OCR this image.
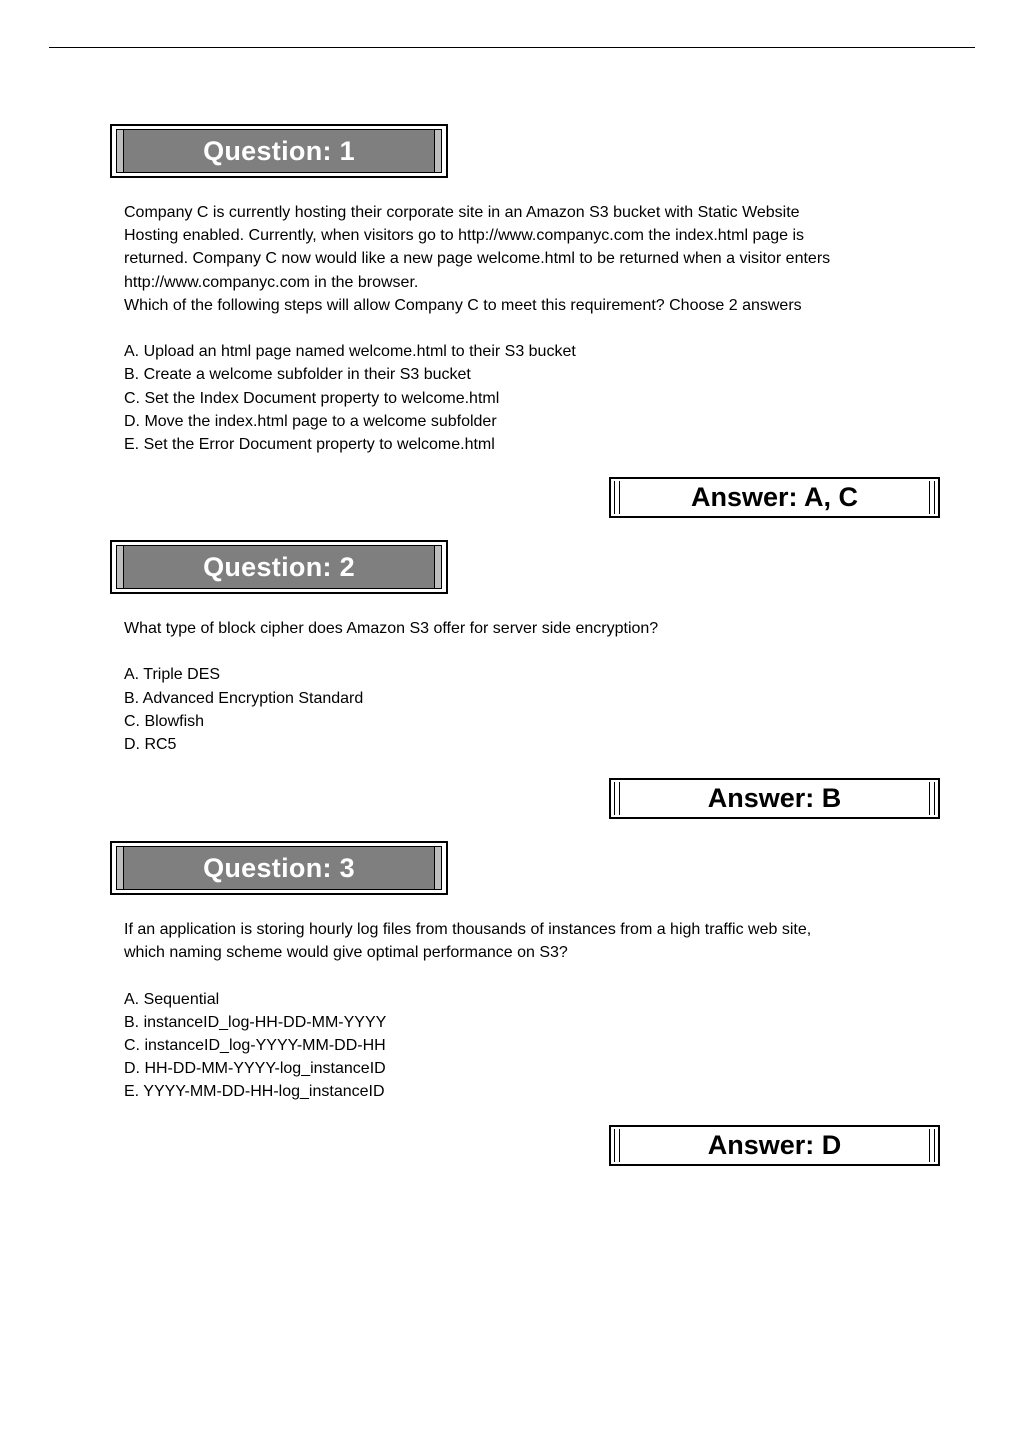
Question: 1

Company C is currently hosting their corporate site in an Amazon S3 bucket with Static Website

Hosting enabled. Currently, when visitors go to http://www.companyc.com the index.html page is

returned. Company C now would like a new page welcome.html to be returned when a visitor enters

http://www.companyc.com in the browser.

Which of the following steps will allow Company C to meet this requirement? Choose 2 answers

A. Upload an html page named welcome.html to their S3 bucket
B. Create a welcome subfolder in their S3 bucket
C. Set the Index Document property to welcome.html
D. Move the index.html page to a welcome subfolder
E. Set the Error Document property to welcome.html
Answer: A, C
Question: 2

What type of block cipher does Amazon S3 offer for server side encryption?

A. Triple DES
B. Advanced Encryption Standard
C. Blowfish
D. RC5
Answer: B
Question: 3

If an application is storing hourly log files from thousands of instances from a high traffic web site,

which naming scheme would give optimal performance on S3?

A. Sequential
B. instanceID_log-HH-DD-MM-YYYY
C. instanceID_log-YYYY-MM-DD-HH
D. HH-DD-MM-YYYY-log_instanceID
E. YYYY-MM-DD-HH-log_instanceID
Answer: D
